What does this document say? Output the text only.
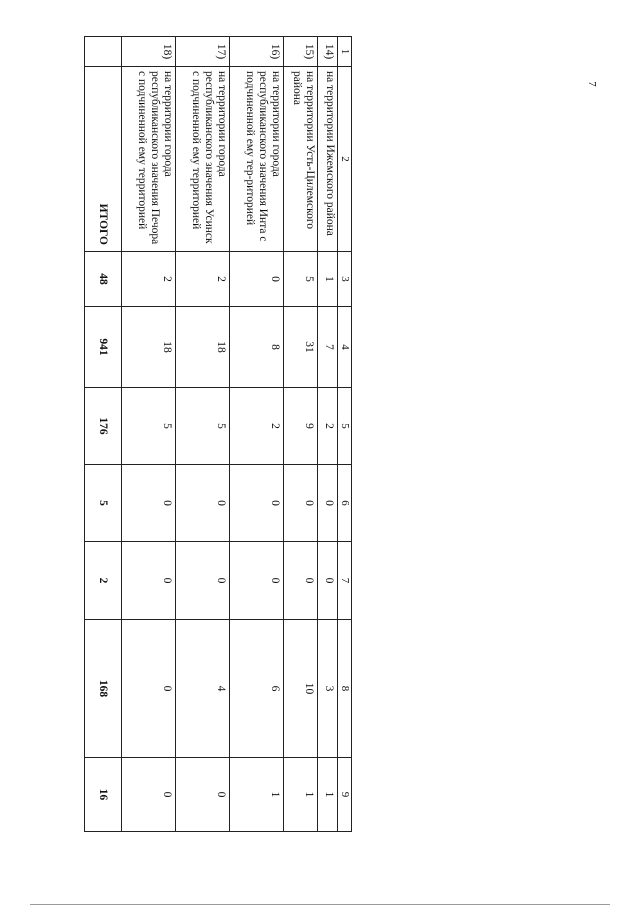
1	2	3	4	5	6	7	8	9
14)	на территории Ижемского района	1	7	2	0	0	3	1
15)	на территории Усть-Цилемского района	5	31	9	0	0	10	1
16)	на территории города республиканского значения Инта с подчиненной ему тер-риторией	0	8	2	0	0	6	1
17)	на территории города республиканского значения Усинск с подчиненной ему территорией	2	18	5	0	0	4	0
18)	на территории города республиканского значения Печора с подчиненной ему территорией	2	18	5	0	0	0	0
	ИТОГО	48	941	176	5	2	168	16
7
